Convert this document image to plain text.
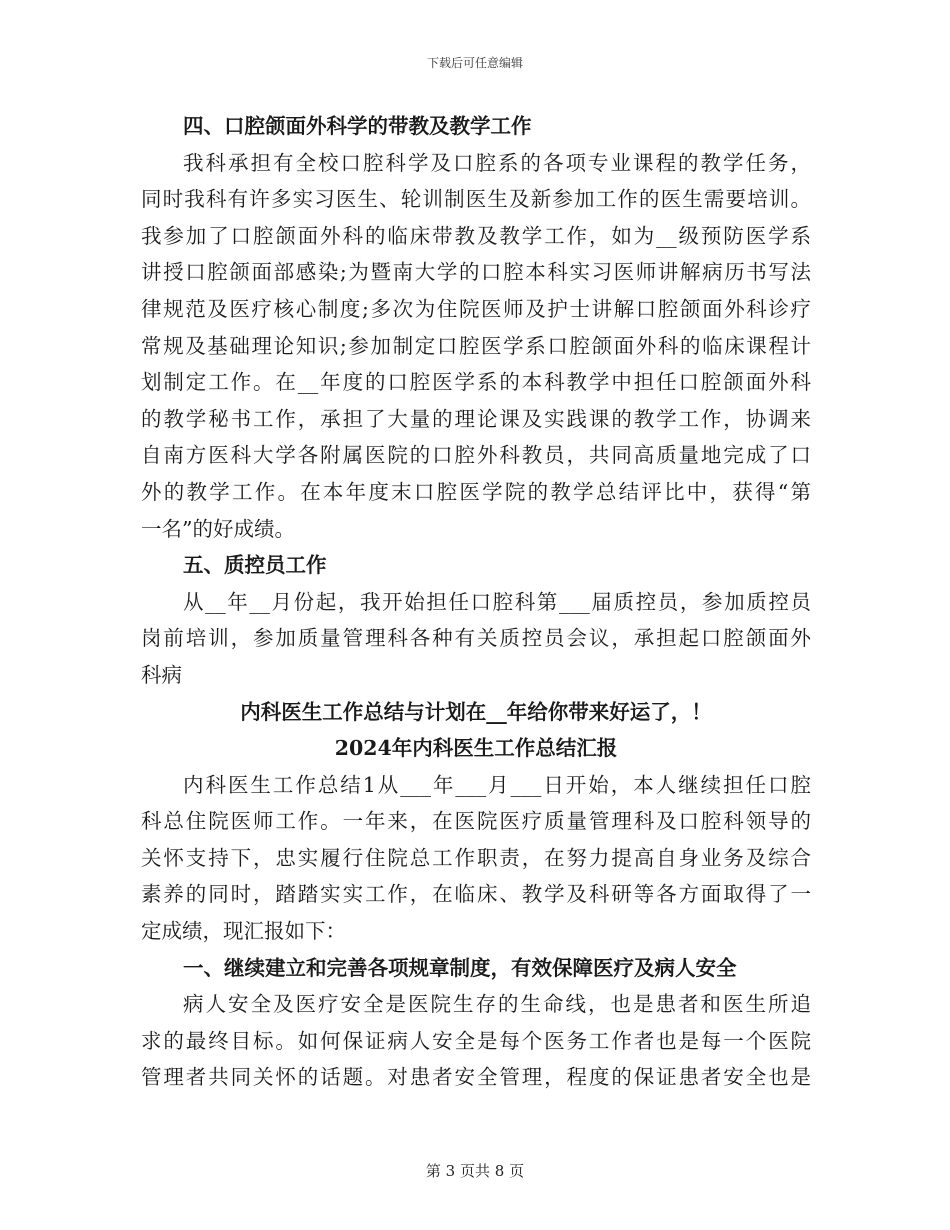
下载后可任意编辑
四、口腔颌面外科学的带教及教学工作
我科承担有全校口腔科学及口腔系的各项专业课程的教学任务，
同时我科有许多实习医生、轮训制医生及新参加工作的医生需要培训。
我参加了口腔颌面外科的临床带教及教学工作，如为__级预防医学系
讲授口腔颌面部感染;为暨南大学的口腔本科实习医师讲解病历书写法
律规范及医疗核心制度;多次为住院医师及护士讲解口腔颌面外科诊疗
常规及基础理论知识;参加制定口腔医学系口腔颌面外科的临床课程计
划制定工作。在__年度的口腔医学系的本科教学中担任口腔颌面外科
的教学秘书工作，承担了大量的理论课及实践课的教学工作，协调来
自南方医科大学各附属医院的口腔外科教员，共同高质量地完成了口
外的教学工作。在本年度末口腔医学院的教学总结评比中，获得“第
一名”的好成绩。
五、质控员工作
从__年__月份起，我开始担任口腔科第___届质控员，参加质控员
岗前培训，参加质量管理科各种有关质控员会议，承担起口腔颌面外
科病
内科医生工作总结与计划在__年给你带来好运了，！
2024年内科医生工作总结汇报
内科医生工作总结1从___年___月___日开始，本人继续担任口腔
科总住院医师工作。一年来，在医院医疗质量管理科及口腔科领导的
关怀支持下，忠实履行住院总工作职责，在努力提高自身业务及综合
素养的同时，踏踏实实工作，在临床、教学及科研等各方面取得了一
定成绩，现汇报如下：
一、继续建立和完善各项规章制度，有效保障医疗及病人安全
病人安全及医疗安全是医院生存的生命线，也是患者和医生所追
求的最终目标。如何保证病人安全是每个医务工作者也是每一个医院
管理者共同关怀的话题。对患者安全管理，程度的保证患者安全也是
第 3 页共 8 页
